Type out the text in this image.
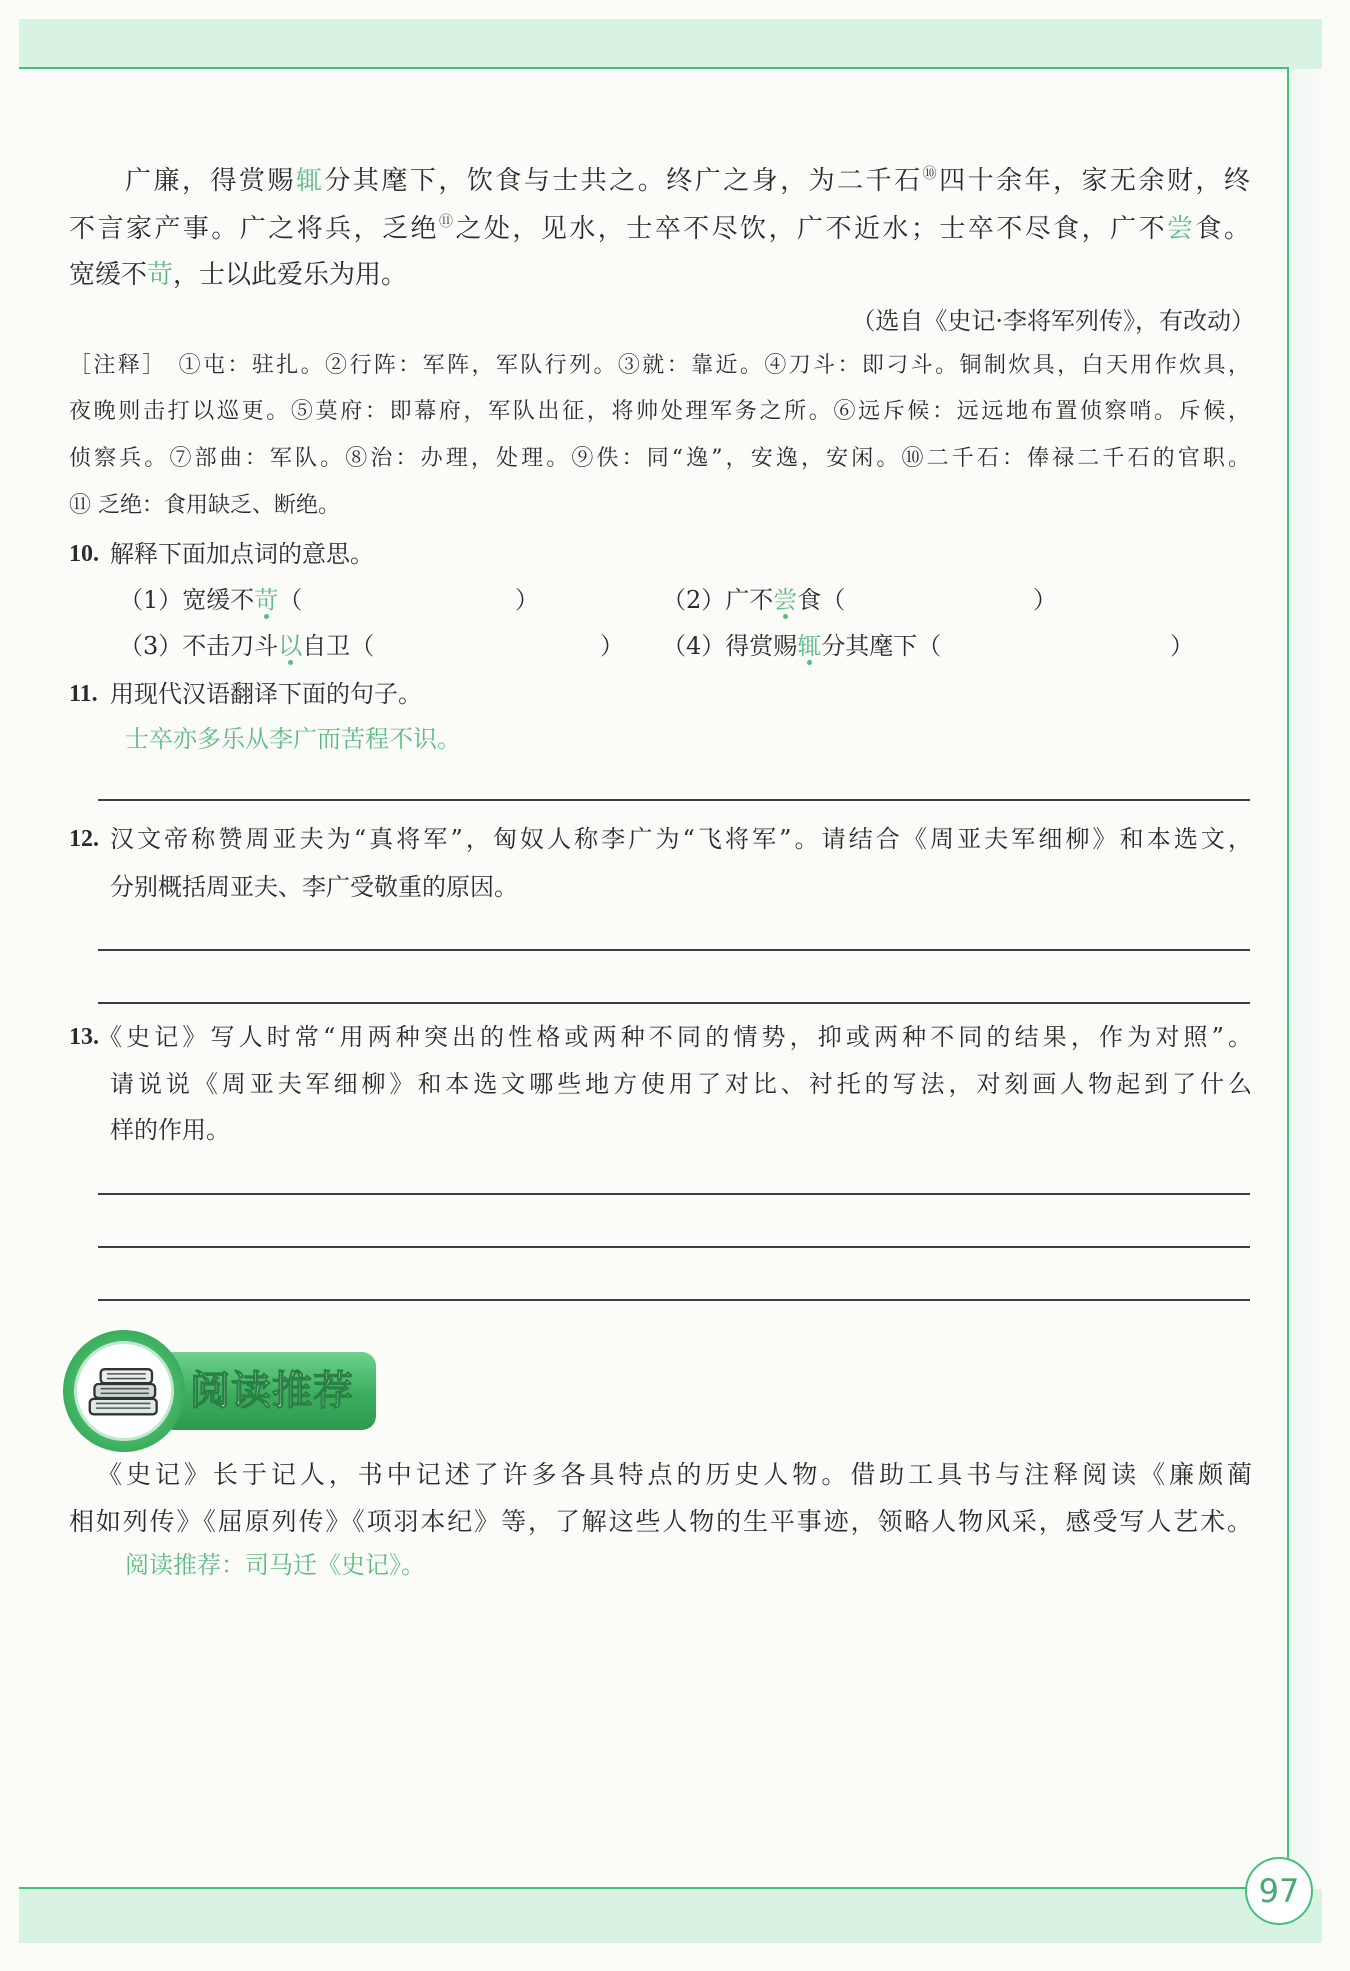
97
广廉，得赏赐辄分其麾下，饮食与士共之。终广之身，为二千石⑩四十余年，家无余财，终
不言家产事。广之将兵，乏绝⑪之处，见水，士卒不尽饮，广不近水；士卒不尽食，广不尝食。
宽缓不苛，士以此爱乐为用。
（选自《史记·李将军列传》，有改动）
［注释］ ①屯：驻扎。②行阵：军阵，军队行列。③就：靠近。④刀斗：即刁斗。铜制炊具，白天用作炊具，
夜晚则击打以巡更。⑤莫府：即幕府，军队出征，将帅处理军务之所。⑥远斥候：远远地布置侦察哨。斥候，
侦察兵。⑦部曲：军队。⑧治：办理，处理。⑨佚：同“逸”，安逸，安闲。⑩二千石：俸禄二千石的官职。
⑪ 乏绝：食用缺乏、断绝。
10. 解释下面加点词的意思。
（1） 宽缓不 苛 （	）	（2） 广不 尝 食 （	）
（3） 不击刀斗 以 自卫 （	） （4） 得赏赐 辄 分其麾下 （	）
11. 用现代汉语翻译下面的句子。
士卒亦多乐从李广而苦程不识。
12. 汉文帝称赞周亚夫为“真将军”，匈奴人称李广为“飞将军”。请结合《周亚夫军细柳》和本选文，
分别概括周亚夫、李广受敬重的原因。
13. 《史记》写人时常“用两种突出的性格或两种不同的情势，抑或两种不同的结果，作为对照”。
请说说《周亚夫军细柳》和本选文哪些地方使用了对比、衬托的写法，对刻画人物起到了什么
样的作用。
阅读推荐
《史记》长于记人，书中记述了许多各具特点的历史人物。借助工具书与注释阅读《廉颇蔺
相如列传》《屈原列传》《项羽本纪》等，了解这些人物的生平事迹，领略人物风采，感受写人艺术。
阅读推荐：司马迁《史记》。
